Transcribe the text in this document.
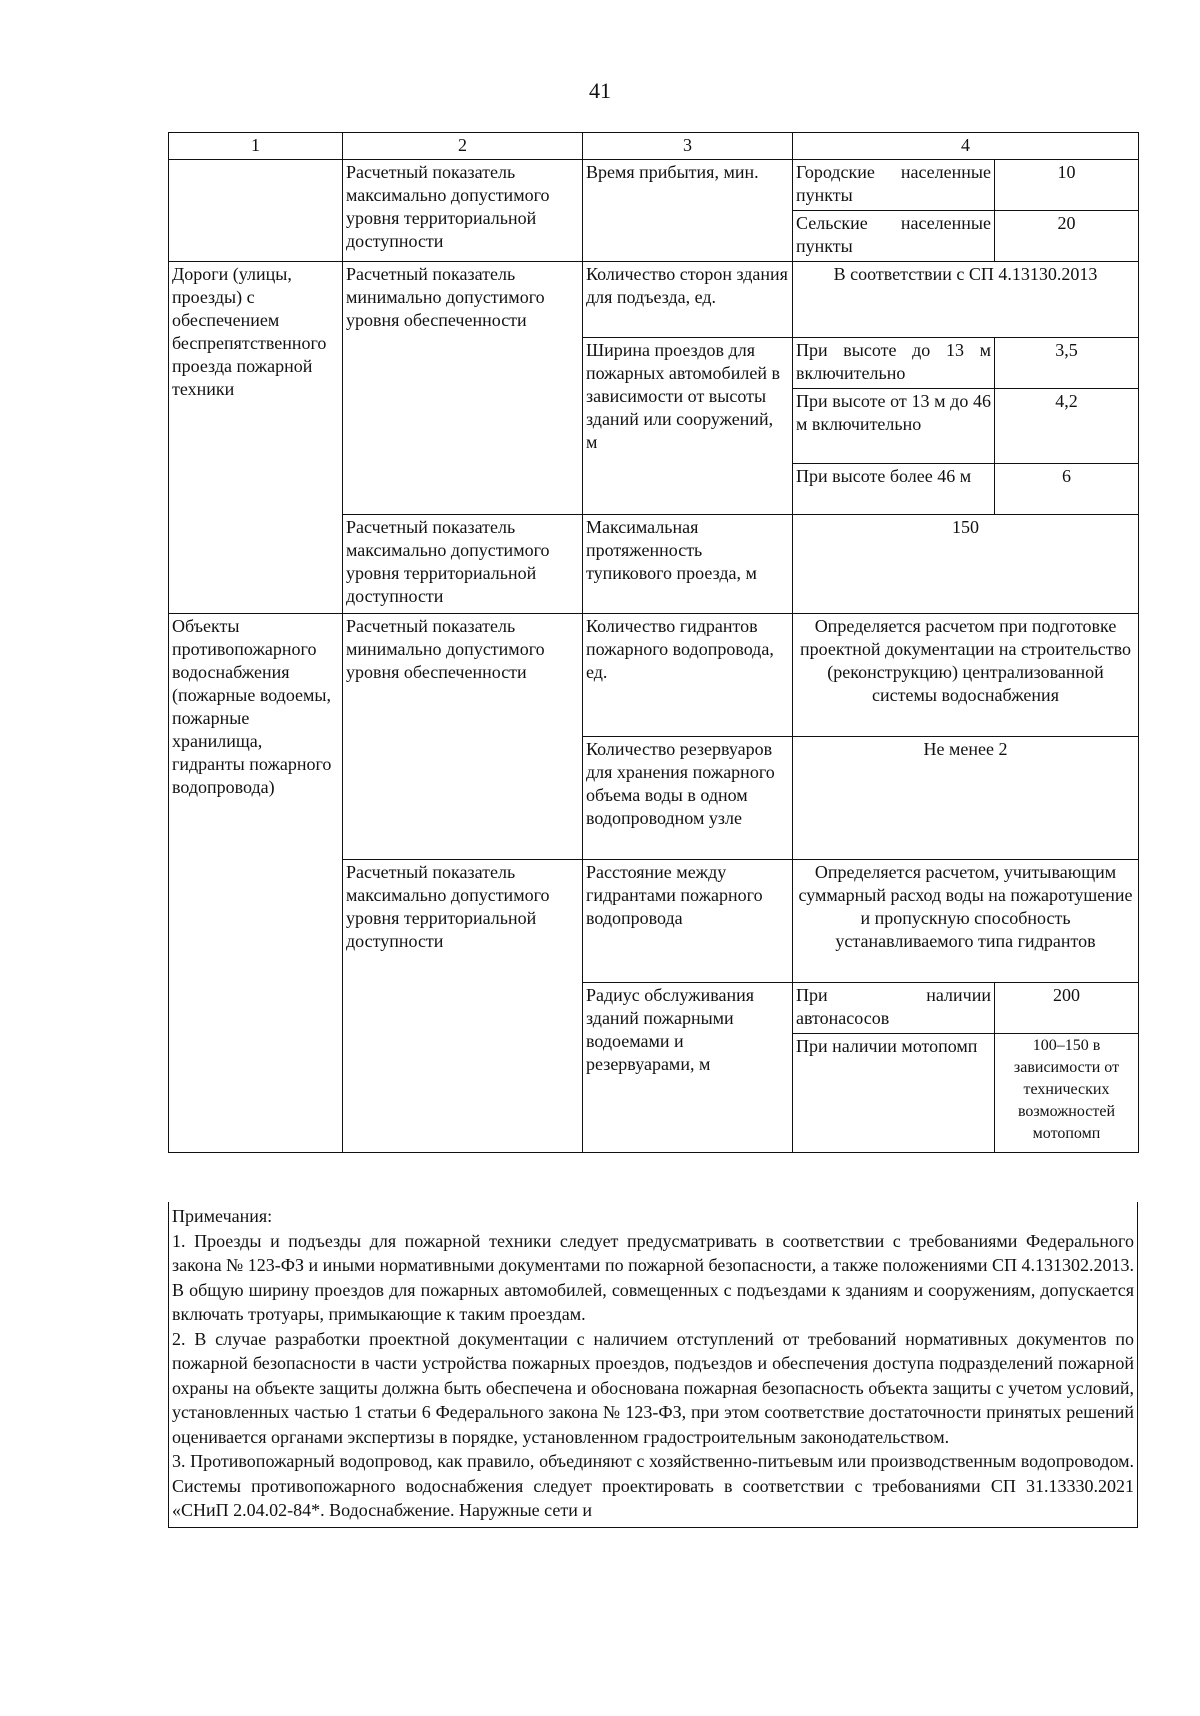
41
1	2	3	4	
	Расчетный показатель максимально допустимого уровня территориальной доступности	Время прибытия, мин.	Городские населенные пункты	10
			Сельские населенные пункты	20
Дороги (улицы, проезды) с обеспечением беспрепятственного проезда пожарной техники	Расчетный показатель минимально допустимого уровня обеспеченности	Количество сторон здания для подъезда, ед.	В соответствии с СП 4.13130.2013	
		Ширина проездов для пожарных автомобилей в зависимости от высоты зданий или сооружений, м	При высоте до 13 м включительно	3,5
			При высоте от 13 м до 46 м включительно	4,2
			При высоте более 46 м	6
	Расчетный показатель максимально допустимого уровня территориальной доступности	Максимальная протяженность тупикового проезда, м	150	
Объекты противопожарного водоснабжения (пожарные водоемы, пожарные хранилища, гидранты пожарного водопровода)	Расчетный показатель минимально допустимого уровня обеспеченности	Количество гидрантов пожарного водопровода, ед.	Определяется расчетом при подготовке проектной документации на строительство (реконструкцию) централизованной системы водоснабжения	
		Количество резервуаров для хранения пожарного объема воды в одном водопроводном узле	Не менее 2	
	Расчетный показатель максимально допустимого уровня территориальной доступности	Расстояние между гидрантами пожарного водопровода	Определяется расчетом, учитывающим суммарный расход воды на пожаротушение и пропускную способность устанавливаемого типа гидрантов	
		Радиус обслуживания зданий пожарными водоемами и резервуарами, м	При наличии автонасосов	200
			При наличии мотопомп	100–150 в зависимости от технических возможностей мотопомп

Примечания:

1. Проезды и подъезды для пожарной техники следует предусматривать в соответствии с требованиями Федерального закона № 123-ФЗ и иными нормативными документами по пожарной безопасности, а также положениями СП 4.131302.2013. В общую ширину проездов для пожарных автомобилей, совмещенных с подъездами к зданиям и сооружениям, допускается включать тротуары, примыкающие к таким проездам.

2. В случае разработки проектной документации с наличием отступлений от требований нормативных документов по пожарной безопасности в части устройства пожарных проездов, подъездов и обеспечения доступа подразделений пожарной охраны на объекте защиты должна быть обеспечена и обоснована пожарная безопасность объекта защиты с учетом условий, установленных частью 1 статьи 6 Федерального закона № 123-ФЗ, при этом соответствие достаточности принятых решений оценивается органами экспертизы в порядке, установленном градостроительным законодательством.

3. Противопожарный водопровод, как правило, объединяют с хозяйственно-питьевым или производственным водопроводом. Системы противопожарного водоснабжения следует проектировать в соответствии с требованиями СП 31.13330.2021 «СНиП 2.04.02-84*. Водоснабжение. Наружные сети и
